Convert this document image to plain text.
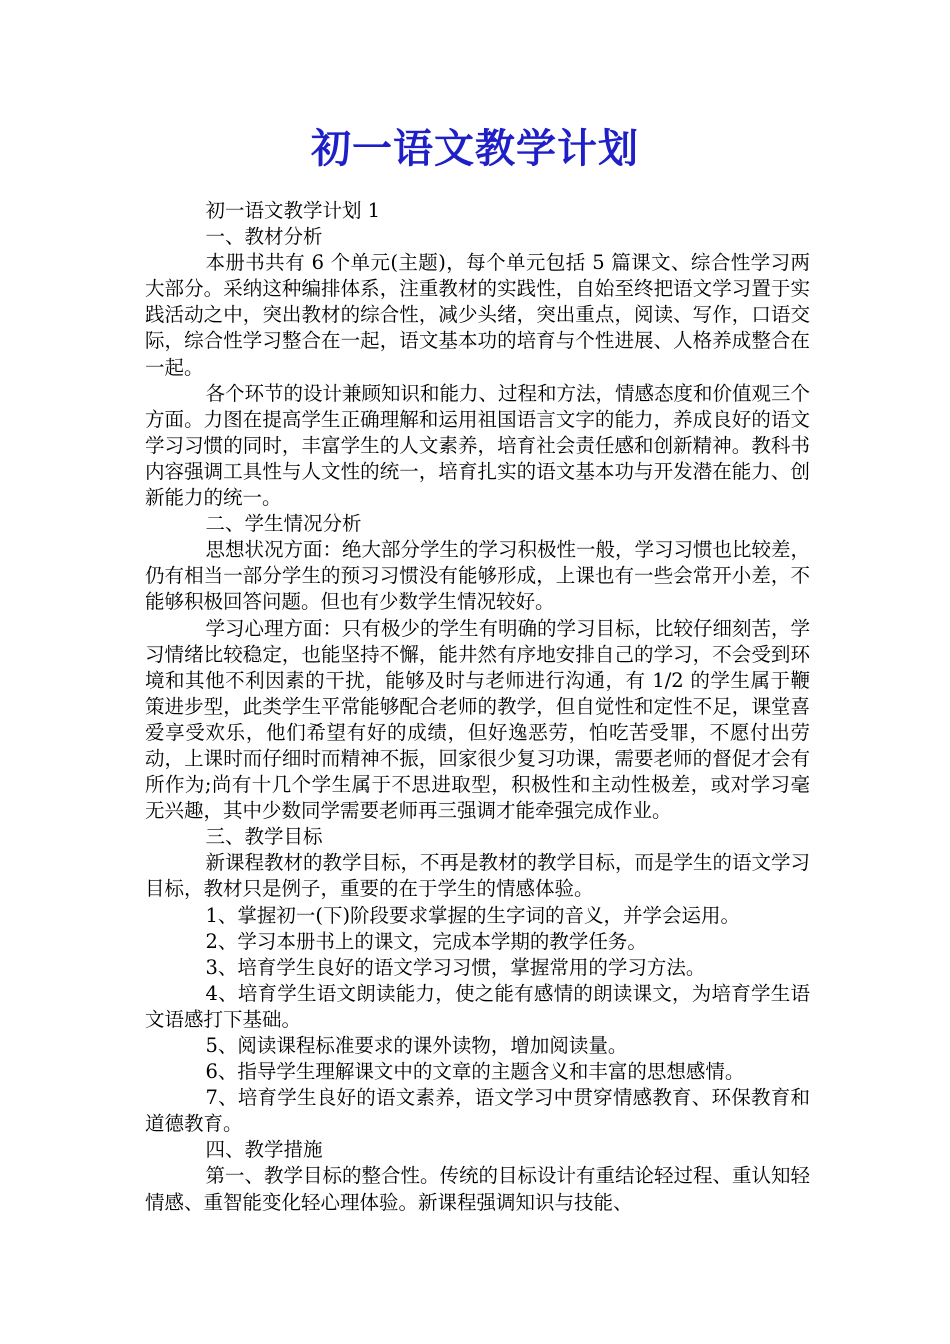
初一语文教学计划

初一语文教学计划 1

一、教材分析

本册书共有 6 个单元(主题)，每个单元包括 5 篇课文、综合性学习两大部分。采纳这种编排体系，注重教材的实践性，自始至终把语文学习置于实践活动之中，突出教材的综合性，减少头绪，突出重点，阅读、写作，口语交际，综合性学习整合在一起，语文基本功的培育与个性进展、人格养成整合在一起。

各个环节的设计兼顾知识和能力、过程和方法，情感态度和价值观三个方面。力图在提高学生正确理解和运用祖国语言文字的能力，养成良好的语文学习习惯的同时，丰富学生的人文素养，培育社会责任感和创新精神。教科书内容强调工具性与人文性的统一，培育扎实的语文基本功与开发潜在能力、创新能力的统一。

二、学生情况分析

思想状况方面：绝大部分学生的学习积极性一般，学习习惯也比较差，仍有相当一部分学生的预习习惯没有能够形成，上课也有一些会常开小差，不能够积极回答问题。但也有少数学生情况较好。

学习心理方面：只有极少的学生有明确的学习目标，比较仔细刻苦，学习情绪比较稳定，也能坚持不懈，能井然有序地安排自己的学习，不会受到环境和其他不利因素的干扰，能够及时与老师进行沟通，有 1/2 的学生属于鞭策进步型，此类学生平常能够配合老师的教学，但自觉性和定性不足，课堂喜爱享受欢乐，他们希望有好的成绩，但好逸恶劳，怕吃苦受罪，不愿付出劳动，上课时而仔细时而精神不振，回家很少复习功课，需要老师的督促才会有所作为;尚有十几个学生属于不思进取型，积极性和主动性极差，或对学习毫无兴趣，其中少数同学需要老师再三强调才能牵强完成作业。

三、教学目标

新课程教材的教学目标，不再是教材的教学目标，而是学生的语文学习目标，教材只是例子，重要的在于学生的情感体验。

1、掌握初一(下)阶段要求掌握的生字词的音义，并学会运用。

2、学习本册书上的课文，完成本学期的教学任务。

3、培育学生良好的语文学习习惯，掌握常用的学习方法。

4、培育学生语文朗读能力，使之能有感情的朗读课文，为培育学生语文语感打下基础。

5、阅读课程标准要求的课外读物，增加阅读量。

6、指导学生理解课文中的文章的主题含义和丰富的思想感情。

7、培育学生良好的语文素养，语文学习中贯穿情感教育、环保教育和道德教育。

四、教学措施

第一、教学目标的整合性。传统的目标设计有重结论轻过程、重认知轻情感、重智能变化轻心理体验。新课程强调知识与技能、
